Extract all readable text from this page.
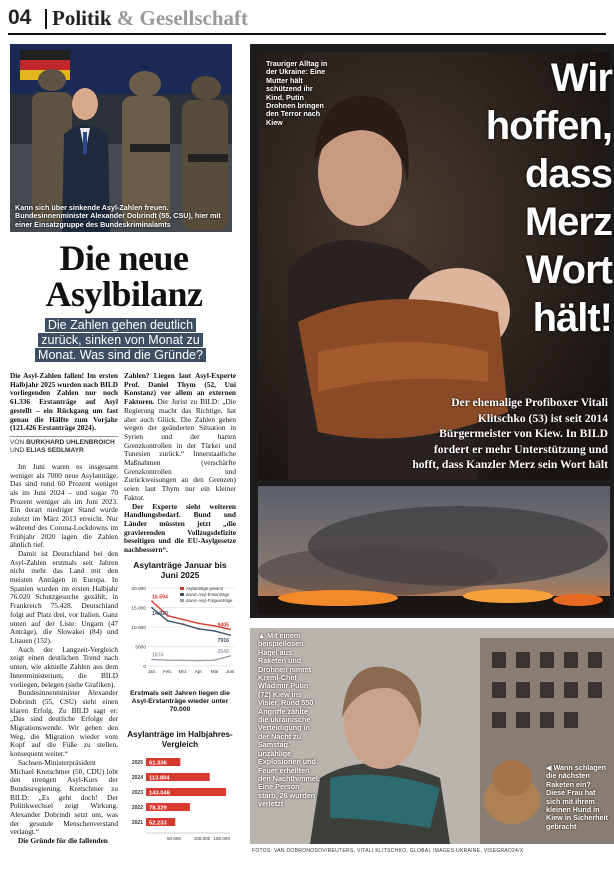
04 Politik & Gesellschaft
Kann sich über sinkende Asyl-Zahlen freuen. Bundesinnenminister Alexander Dobrindt (55, CSU), hier mit einer Einsatzgruppe des Bundeskriminalamts	FOTO: KAY NIETFELD/DPA
Die neue
Asylbilanz
Die Zahlen gehen deutlich zurück, sinken von Monat zu Monat. Was sind die Gründe?

Die Asyl-Zahlen fallen! Im ersten Halbjahr 2025 wurden nach BILD vorliegenden Zahlen nur noch 61.336 Erstanträge auf Asyl gestellt – ein Rückgang um fast genau die Hälfte zum Vorjahr (121.426 Erstanträge 2024).

VON BURKHARD UHLENBROICH
UND ELIAS SEDLMAYR

Im Juni waren es insgesamt weniger als 7000 neue Asylanträge. Das sind rund 60 Prozent weniger als im Juni 2024 – und sogar 70 Prozent weniger als im Juni 2023. Ein derart niedriger Stand wurde zuletzt im März 2013 erreicht. Nur während des Corona-Lockdowns im Frühjahr 2020 lagen die Zahlen ähnlich tief.

Damit ist Deutschland bei den Asyl-Zahlen erstmals seit Jahren nicht mehr das Land mit den meisten Anträgen in Europa. In Spanien wurden im ersten Halbjahr 76.020 Schutzgesuche gezählt, in Frankreich 75.428. Deutschland folgt auf Platz drei, vor Italien. Ganz unten auf der Liste: Ungarn (47 Anträge), die Slowakei (84) und Litauen (152).

Auch der Langzeit-Vergleich zeigt einen deutlichen Trend nach unten, wie aktuelle Zahlen aus dem Innenministerium, die BILD vorliegen, belegen (siehe Grafiken).

Bundesinnenminister Alexander Dobrindt (55, CSU) sieht einen klaren Erfolg. Zu BILD sagt er: „Das sind deutliche Erfolge der Migrationswende. Wir gehen den Weg, die Migration wieder vom Kopf auf die Füße zu stellen, konsequent weiter.“

Sachsen-Ministerpräsident Michael Kretschmer (50, CDU) lobt den strengen Asyl-Kurs der Bundesregierung. Kretschmer zu BILD: „Es geht doch! Der Politikwechsel zeigt Wirkung. Alexander Dobrindt setzt um, was der gesunde Menschenverstand verlangt.“

Die Gründe für die fallenden

Zahlen? Liegen laut Asyl-Experte Prof. Daniel Thym (52, Uni Konstanz) vor allem an externen Faktoren. Der Jurist zu BILD: „Die Regierung macht das Richtige, hat aber auch Glück. Die Zahlen gehen wegen der geänderten Situation in Syrien und der harten Grenzkontrollen in der Türkei und Tunesien zurück.“ Innerstaatliche Maßnahmen (verschärfte Grenzkontrollen und Zurückweisungen an den Grenzen) seien laut Thym nur ein kleiner Faktor.

Der Experte sieht weiteren Handlungsbedarf. Bund und Länder müssten jetzt „die gravierenden Vollzugsdefizite beseitigen und die EU-Asylgesetze nachbessern“.

Asylanträge Januar bis Juni 2025
20.000
15.000
10.000
5000
0
Jan. Feb. Mrz. Apr. Mai Juni
Asylanträge gesamt
davon Asyl-Erstanträge
davon Asyl-Folgeanträge
16.594
9405
14.920
7916
1674
2545
Erstmals seit Jahren liegen die Asyl-Erstanträge wieder unter 70.000
Asylanträge im Halbjahres-Vergleich
2025 61.336
2024 113.804
2023 143.046
2022 78.329
2021 52.233
50.000	100.000 150.000
Trauriger Alltag in der Ukraine: Eine Mutter hält schützend ihr Kind. Putin Drohnen bringen den Terror nach Kiew
Wir
hoffen,
dass
Merz
Wort
hält!
Der ehemalige Profiboxer Vitali Klitschko (53) ist seit 2014 Bürgermeister von Kiew. In BILD fordert er mehr Unterstützung und hofft, dass Kanzler Merz sein Wort hält
▲ Mit einem beispiellosen Hagel aus Raketen und Drohnen nimmt Kreml-Chef Wladimir Putin (72) Kiew ins Visier. Rund 550 Angriffe zählte die ukrainische Verteidigung in der Nacht zu Samstag, unzählige Explosionen und Feuer erhellten den Nachthimmel. Eine Person starb, 26 wurden verletzt
◀ Wann schlagen die nächsten Raketen ein? Diese Frau hat sich mit ihrem kleinen Hund in Kiew in Sicherheit gebracht
FOTOS: VAN DOBRONOSOV/REUTERS, VITALI KLITSCHKO, GLOBAL IMAGES UKRAINE, VISEGRAD24/X
